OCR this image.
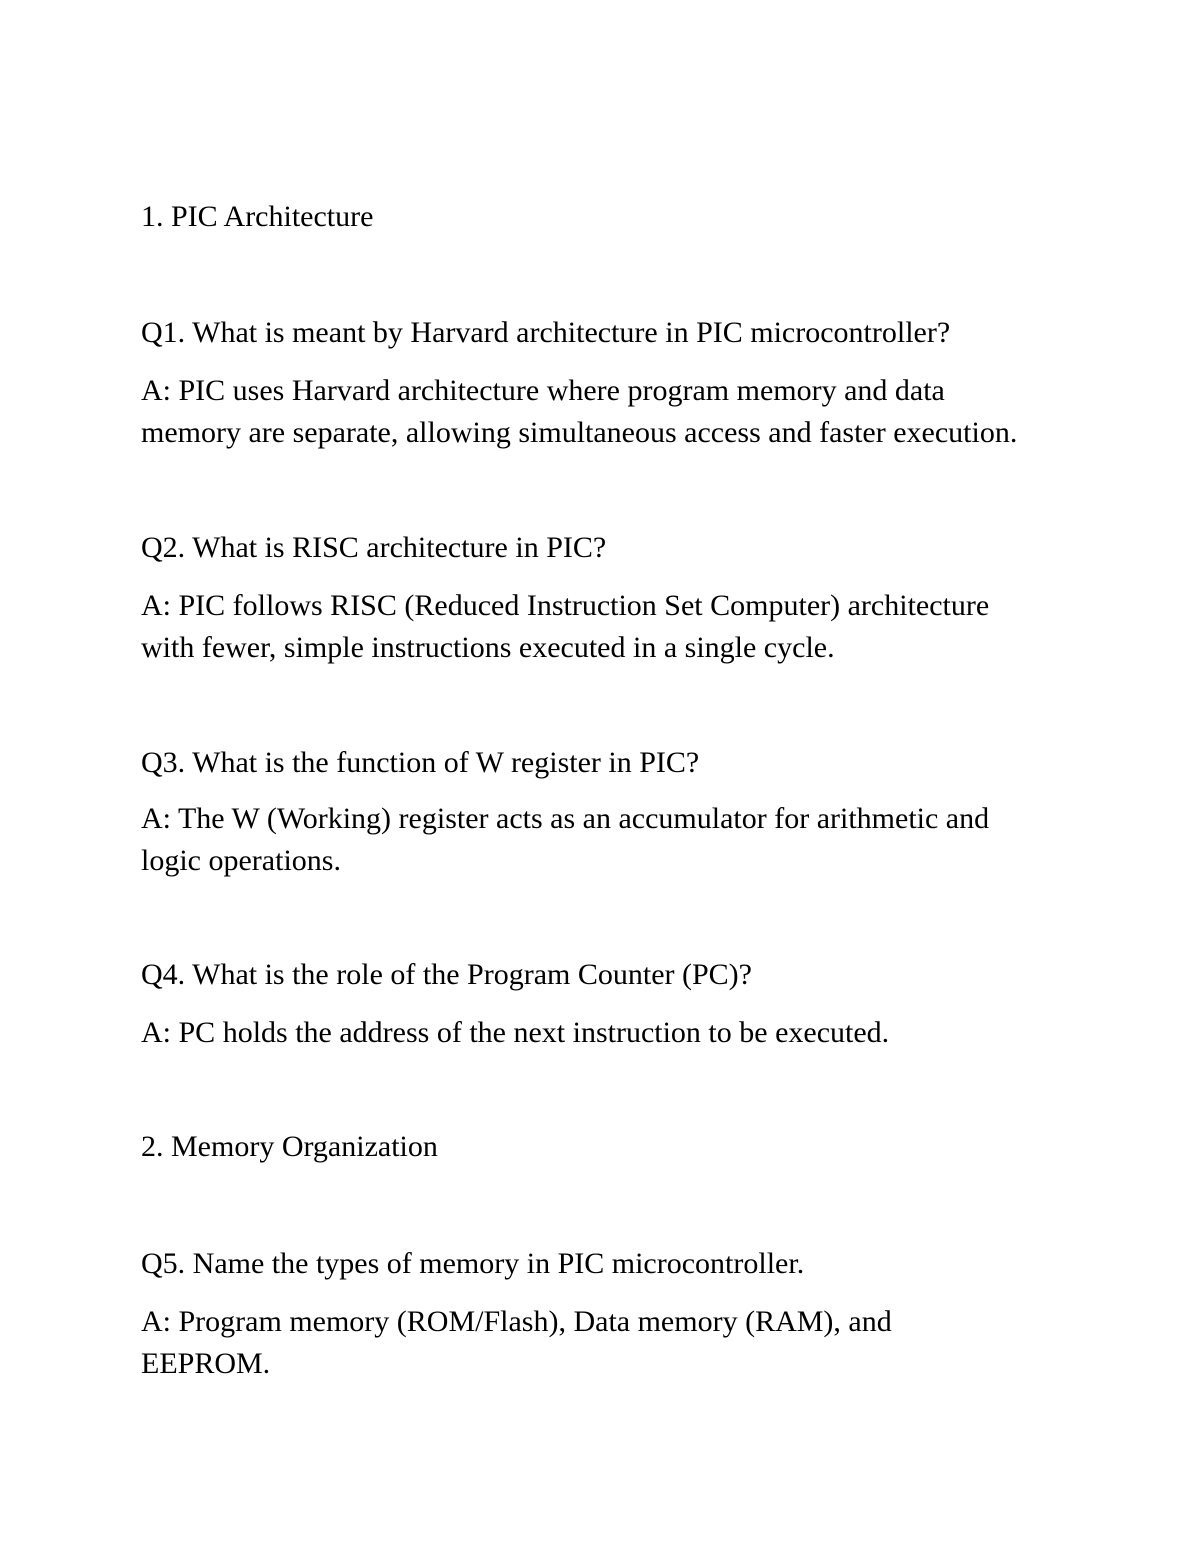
1. PIC Architecture

Q1. What is meant by Harvard architecture in PIC microcontroller?

A: PIC uses Harvard architecture where program memory and data

memory are separate, allowing simultaneous access and faster execution.

Q2. What is RISC architecture in PIC?

A: PIC follows RISC (Reduced Instruction Set Computer) architecture

with fewer, simple instructions executed in a single cycle.

Q3. What is the function of W register in PIC?

A: The W (Working) register acts as an accumulator for arithmetic and

logic operations.

Q4. What is the role of the Program Counter (PC)?

A: PC holds the address of the next instruction to be executed.

2. Memory Organization

Q5. Name the types of memory in PIC microcontroller.

A: Program memory (ROM/Flash), Data memory (RAM), and

EEPROM.
